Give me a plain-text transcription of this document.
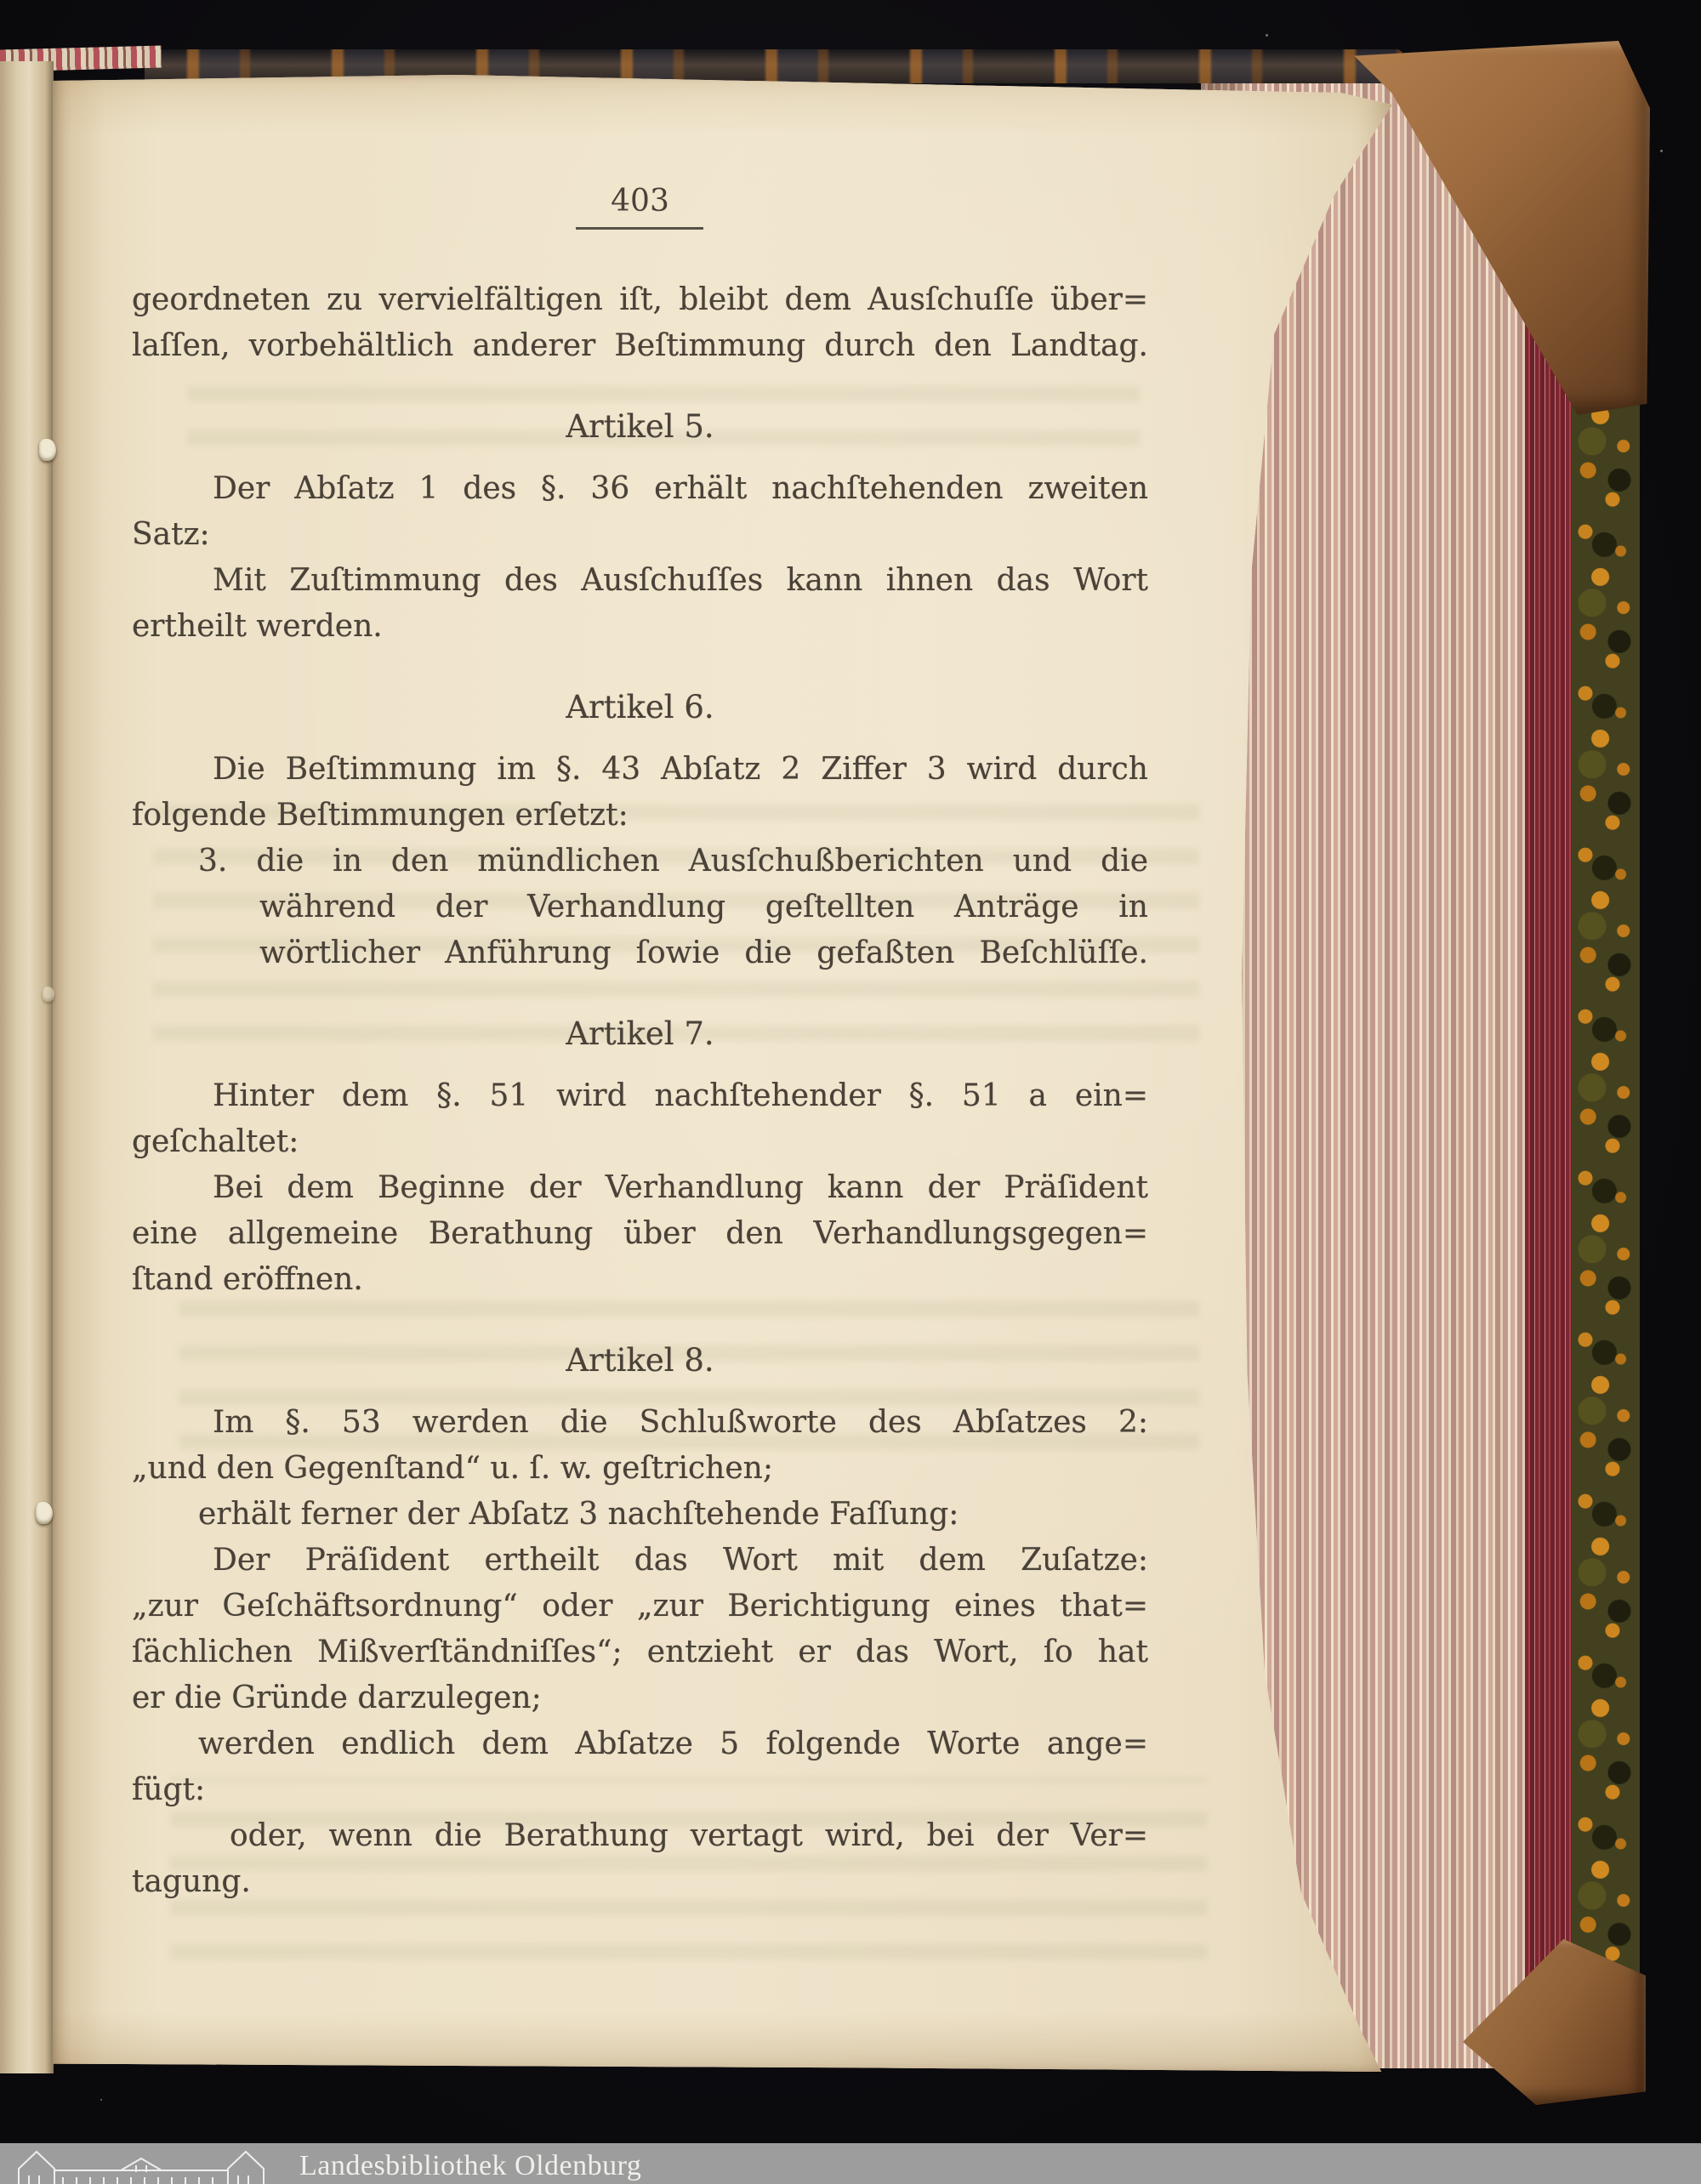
403
geordneten zu vervielfältigen iſt, bleibt dem Ausſchuſſe über=
laſſen, vorbehältlich anderer Beſtimmung durch den Landtag.
Artikel 5.
Der Abſatz 1 des §. 36 erhält nachſtehenden zweiten
Satz:
Mit Zuſtimmung des Ausſchuſſes kann ihnen das Wort
ertheilt werden.
Artikel 6.
Die Beſtimmung im §. 43 Abſatz 2 Ziffer 3 wird durch
folgende Beſtimmungen erſetzt:
3. die in den mündlichen Ausſchußberichten und die
während der Verhandlung geſtellten Anträge in
wörtlicher Anführung ſowie die gefaßten Beſchlüſſe.
Artikel 7.
Hinter dem §. 51 wird nachſtehender §. 51 a ein=
geſchaltet:
Bei dem Beginne der Verhandlung kann der Präſident
eine allgemeine Berathung über den Verhandlungsgegen=
ſtand eröffnen.
Artikel 8.
Im §. 53 werden die Schlußworte des Abſatzes 2:
„und den Gegenſtand“ u. ſ. w. geſtrichen;
erhält ferner der Abſatz 3 nachſtehende Faſſung:
Der Präſident ertheilt das Wort mit dem Zuſatze:
„zur Geſchäftsordnung“ oder „zur Berichtigung eines that=
ſächlichen Mißverſtändniſſes“; entzieht er das Wort, ſo hat
er die Gründe darzulegen;
werden endlich dem Abſatze 5 folgende Worte ange=
fügt:
oder, wenn die Berathung vertagt wird, bei der Ver=
tagung.
Landesbibliothek Oldenburg
